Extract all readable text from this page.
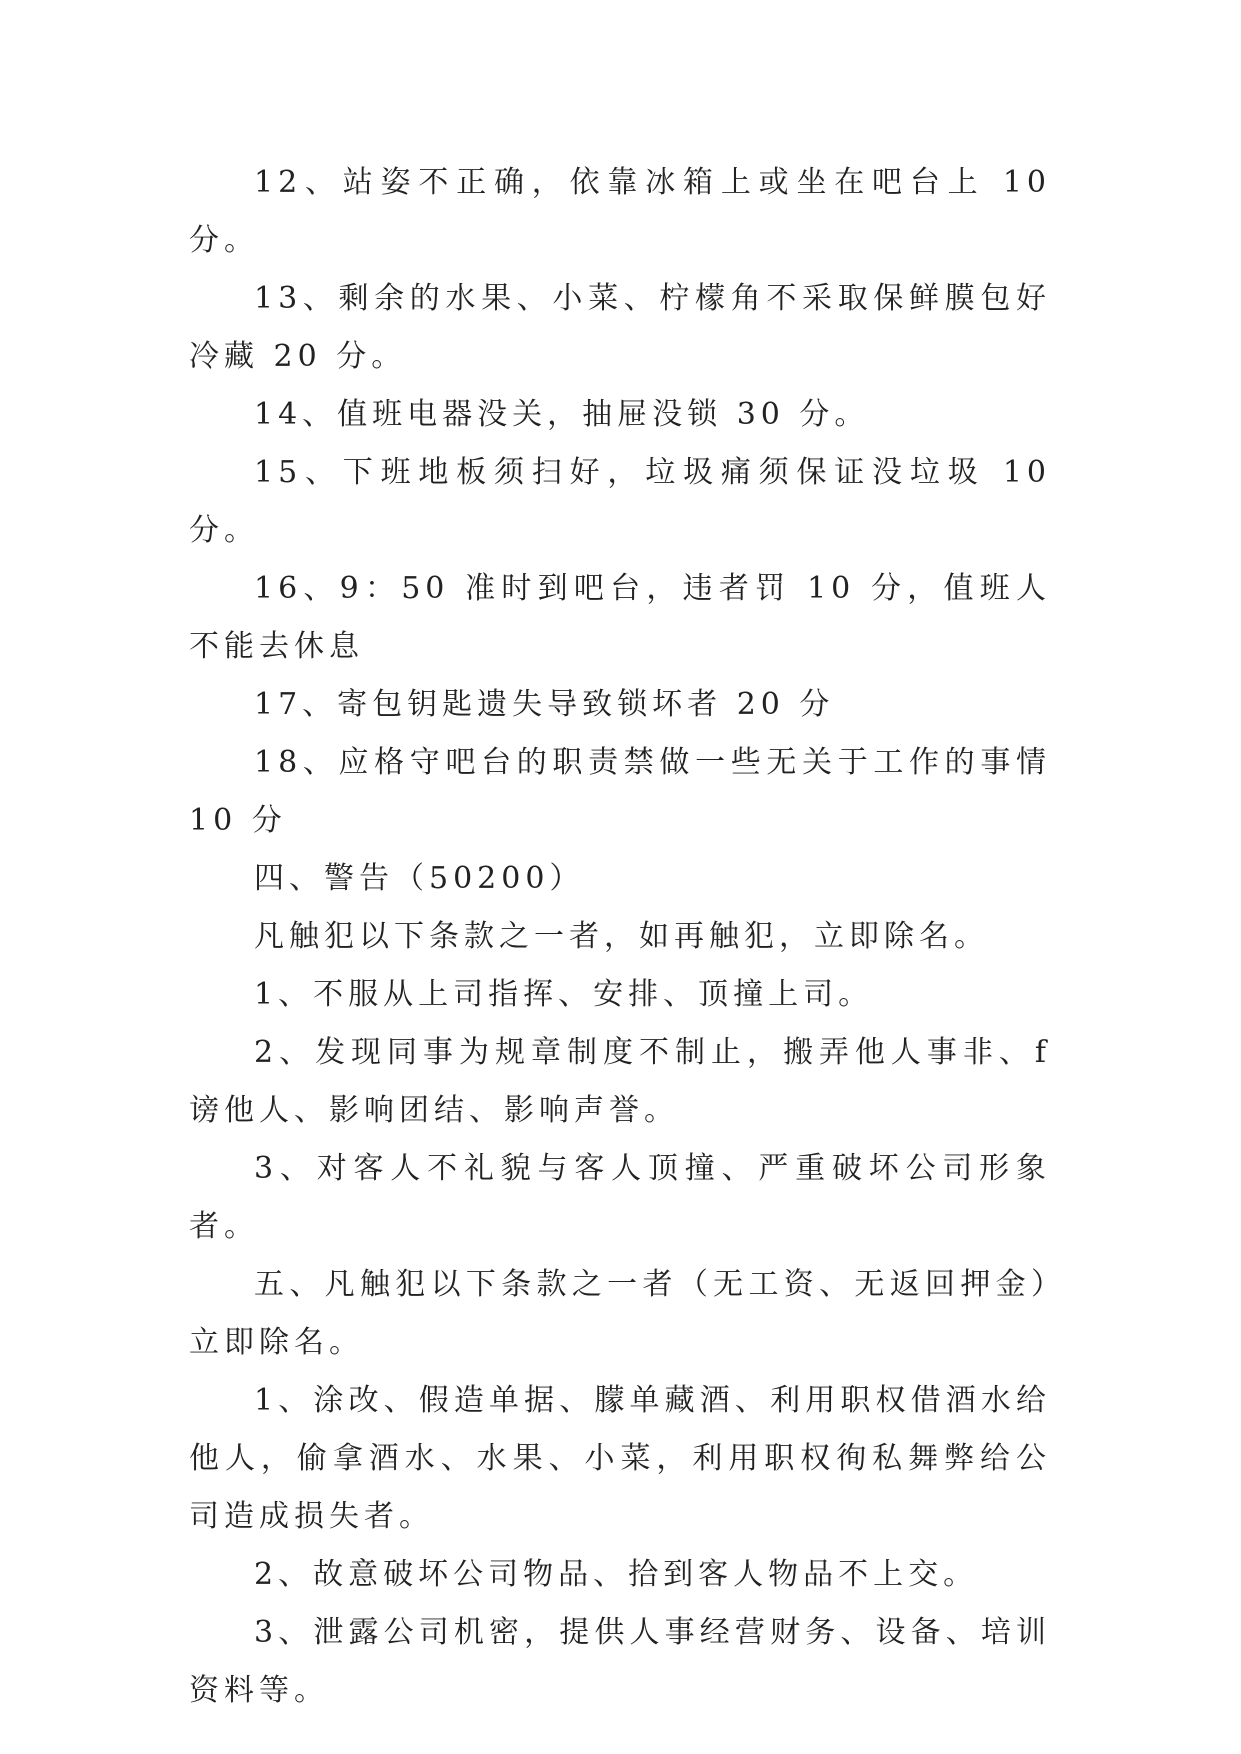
12、站姿不正确，依靠冰箱上或坐在吧台上 10 分。

13、剩余的水果、小菜、柠檬角不采取保鲜膜包好冷藏 20 分。

14、值班电器没关，抽屉没锁 30 分。

15、下班地板须扫好，垃圾痛须保证没垃圾 10 分。

16、9：50 准时到吧台，违者罚 10 分，值班人不能去休息

17、寄包钥匙遗失导致锁坏者 20 分

18、应格守吧台的职责禁做一些无关于工作的事情 10 分

四、警告（50200）

凡触犯以下条款之一者，如再触犯，立即除名。

1、不服从上司指挥、安排、顶撞上司。

2、发现同事为规章制度不制止，搬弄他人事非、f 谤他人、影响团结、影响声誉。

3、对客人不礼貌与客人顶撞、严重破坏公司形象者。

五、凡触犯以下条款之一者（无工资、无返回押金）立即除名。

1、涂改、假造单据、朦单藏酒、利用职权借酒水给他人，偷拿酒水、水果、小菜，利用职权徇私舞弊给公司造成损失者。

2、故意破坏公司物品、拾到客人物品不上交。

3、泄露公司机密，提供人事经营财务、设备、培训资料等。
